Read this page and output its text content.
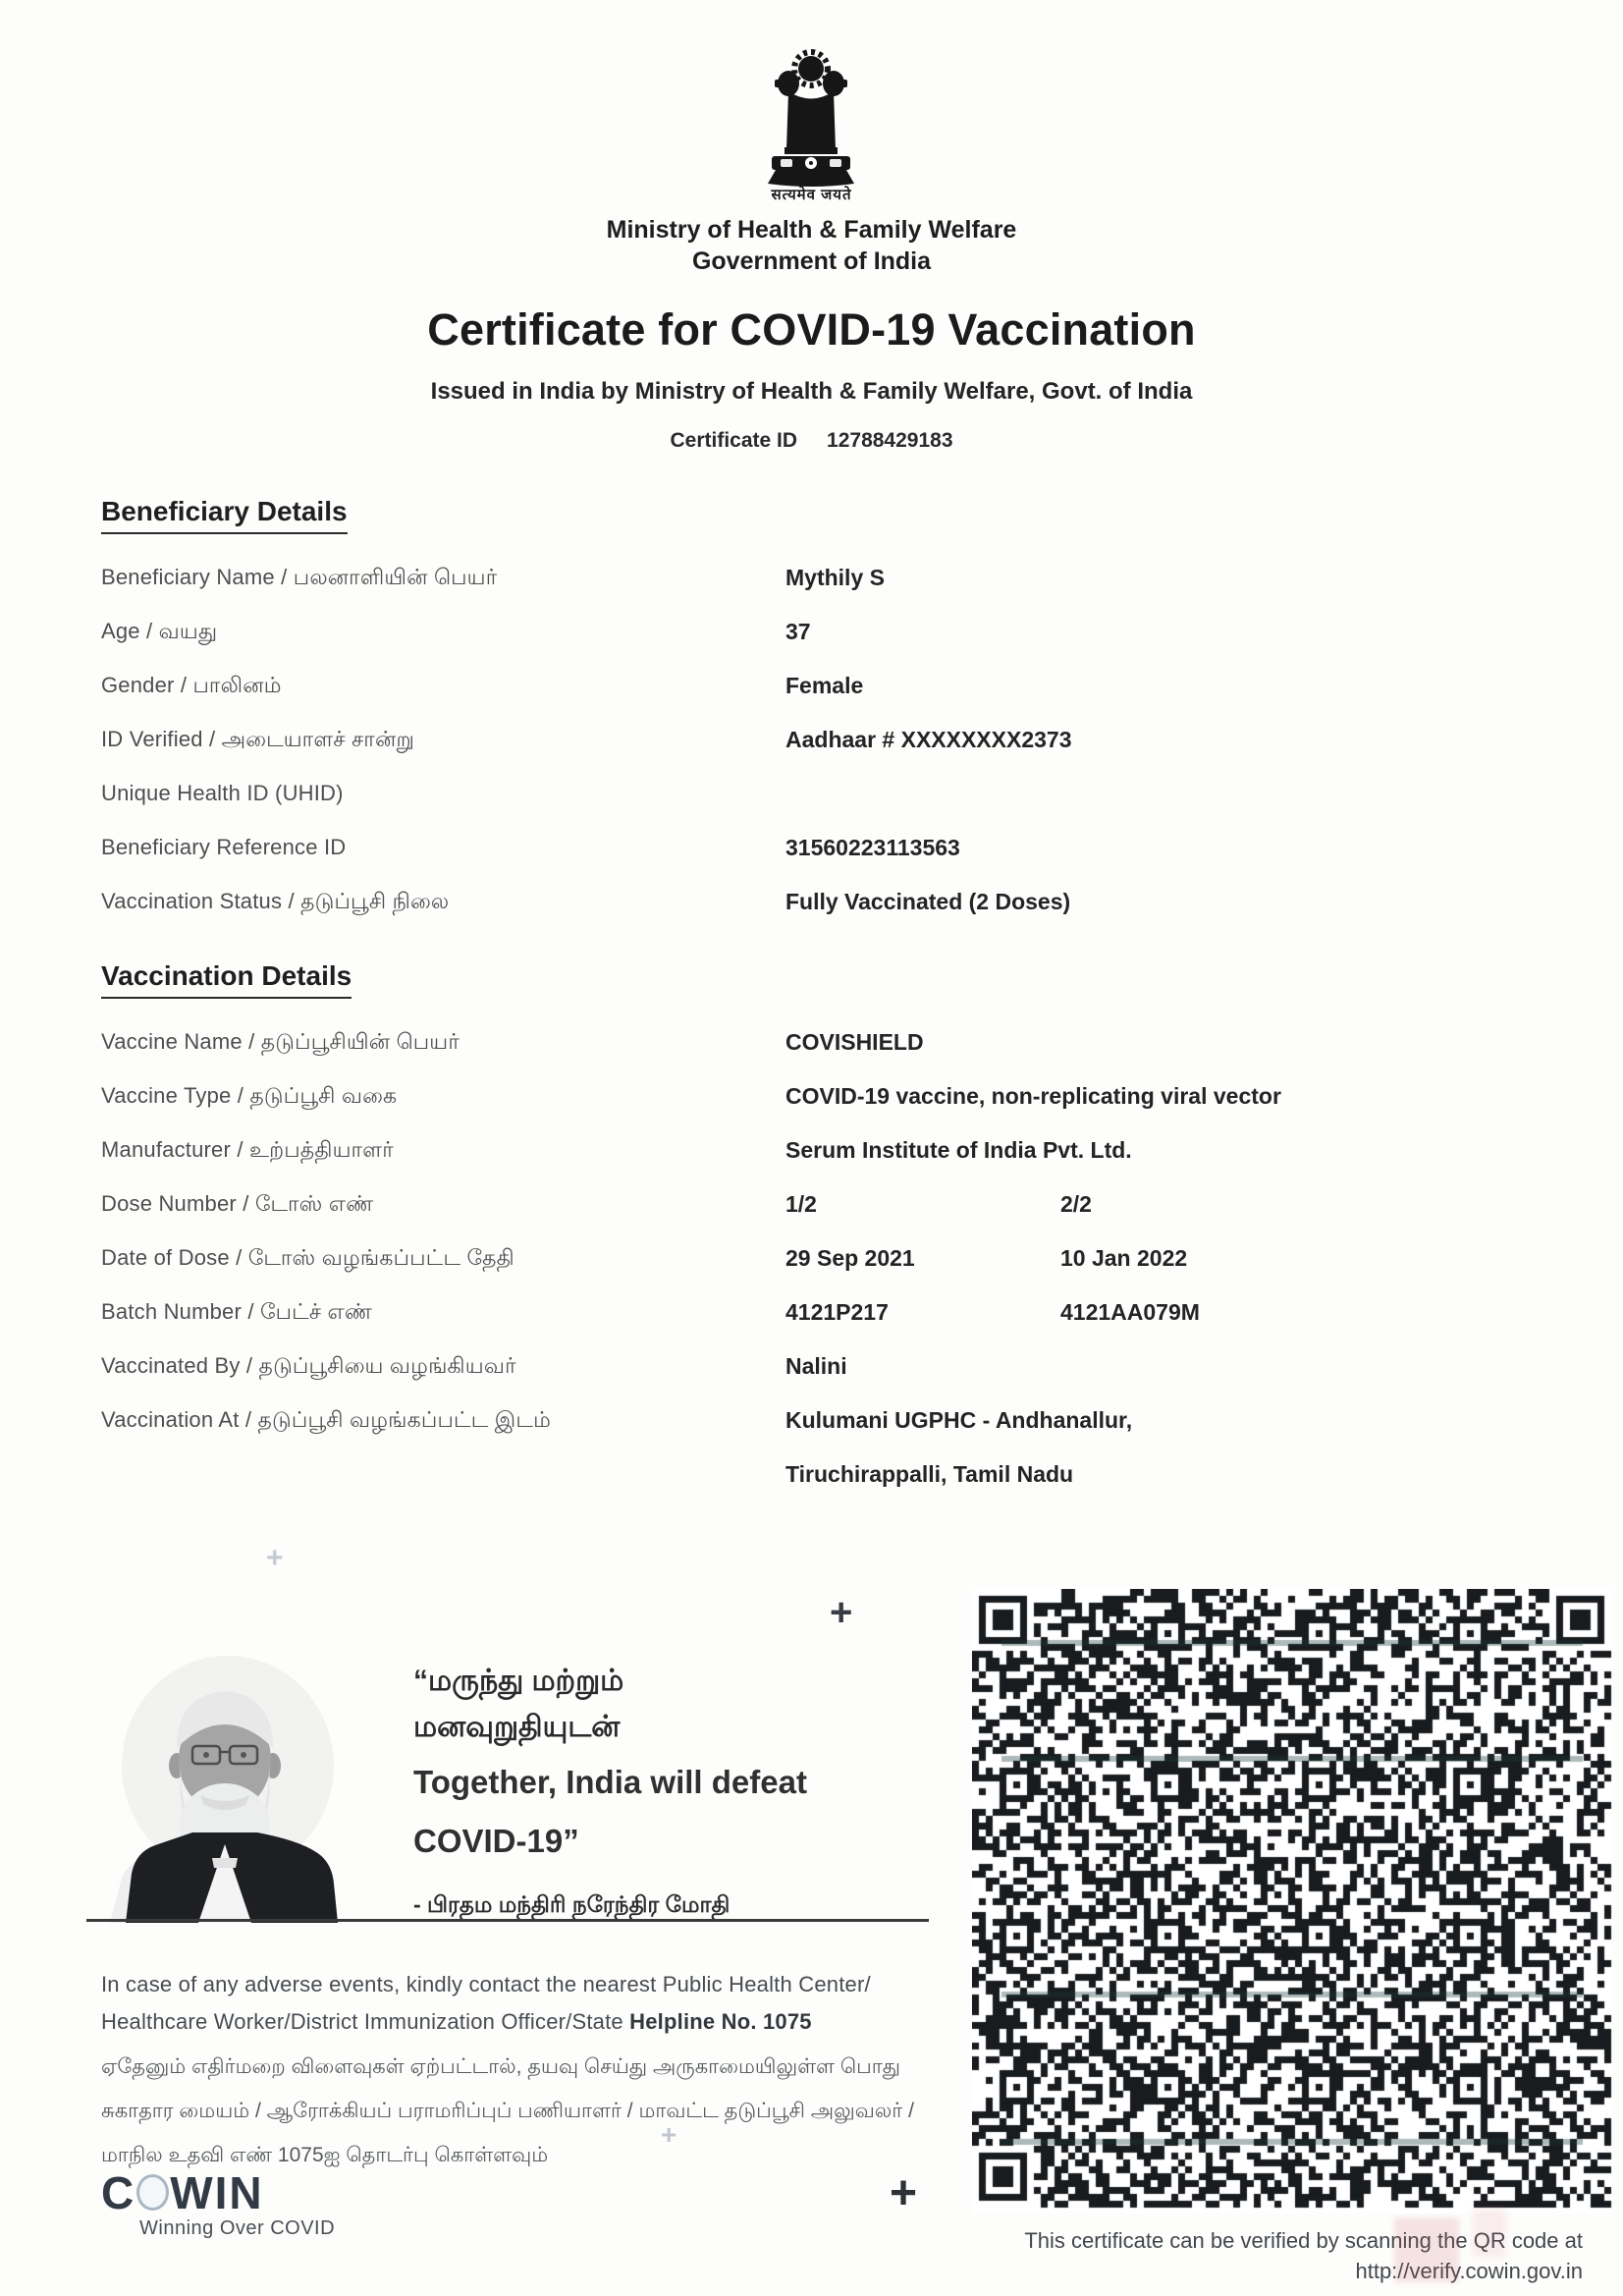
सत्यमेव जयते
Ministry of Health & Family Welfare
Government of India
Certificate for COVID-19 Vaccination
Issued in India by Ministry of Health & Family Welfare, Govt. of India
Certificate ID 12788429183
Beneficiary Details
Beneficiary Name / பலனாளியின் பெயர்	Mythily S
Age / வயது	37
Gender / பாலினம்	Female
ID Verified / அடையாளச் சான்று	Aadhaar # XXXXXXXX2373
Unique Health ID (UHID)
Beneficiary Reference ID	31560223113563
Vaccination Status / தடுப்பூசி நிலை	Fully Vaccinated (2 Doses)
Vaccination Details
Vaccine Name / தடுப்பூசியின் பெயர்	COVISHIELD
Vaccine Type / தடுப்பூசி வகை	COVID-19 vaccine, non-replicating viral vector
Manufacturer / உற்பத்தியாளர்	Serum Institute of India Pvt. Ltd.
Dose Number / டோஸ் எண்	1/2	2/2
Date of Dose / டோஸ் வழங்கப்பட்ட தேதி	29 Sep 2021	10 Jan 2022
Batch Number / பேட்ச் எண்	4121P217	4121AA079M
Vaccinated By / தடுப்பூசியை வழங்கியவர்	Nalini
Vaccination At / தடுப்பூசி வழங்கப்பட்ட இடம்	Kulumani UGPHC - Andhanallur,
Tiruchirappalli, Tamil Nadu
+
+
+
+
“மருந்து மற்றும்
மனவுறுதியுடன்
Together, India will defeat
COVID-19”
- பிரதம மந்திரி நரேந்திர மோதி
In case of any adverse events, kindly contact the nearest Public Health Center/
Healthcare Worker/District Immunization Officer/State Helpline No. 1075
ஏதேனும் எதிர்மறை விளைவுகள் ஏற்பட்டால், தயவு செய்து அருகாமையிலுள்ள பொது
சுகாதார மையம் / ஆரோக்கியப் பராமரிப்புப் பணியாளர் / மாவட்ட தடுப்பூசி அலுவலர் /
மாநில உதவி எண் 1075ஐ தொடர்பு கொள்ளவும்
C WIN
Winning Over COVID	This certificate can be verified by scanning the QR code at
http://verify.cowin.gov.in
